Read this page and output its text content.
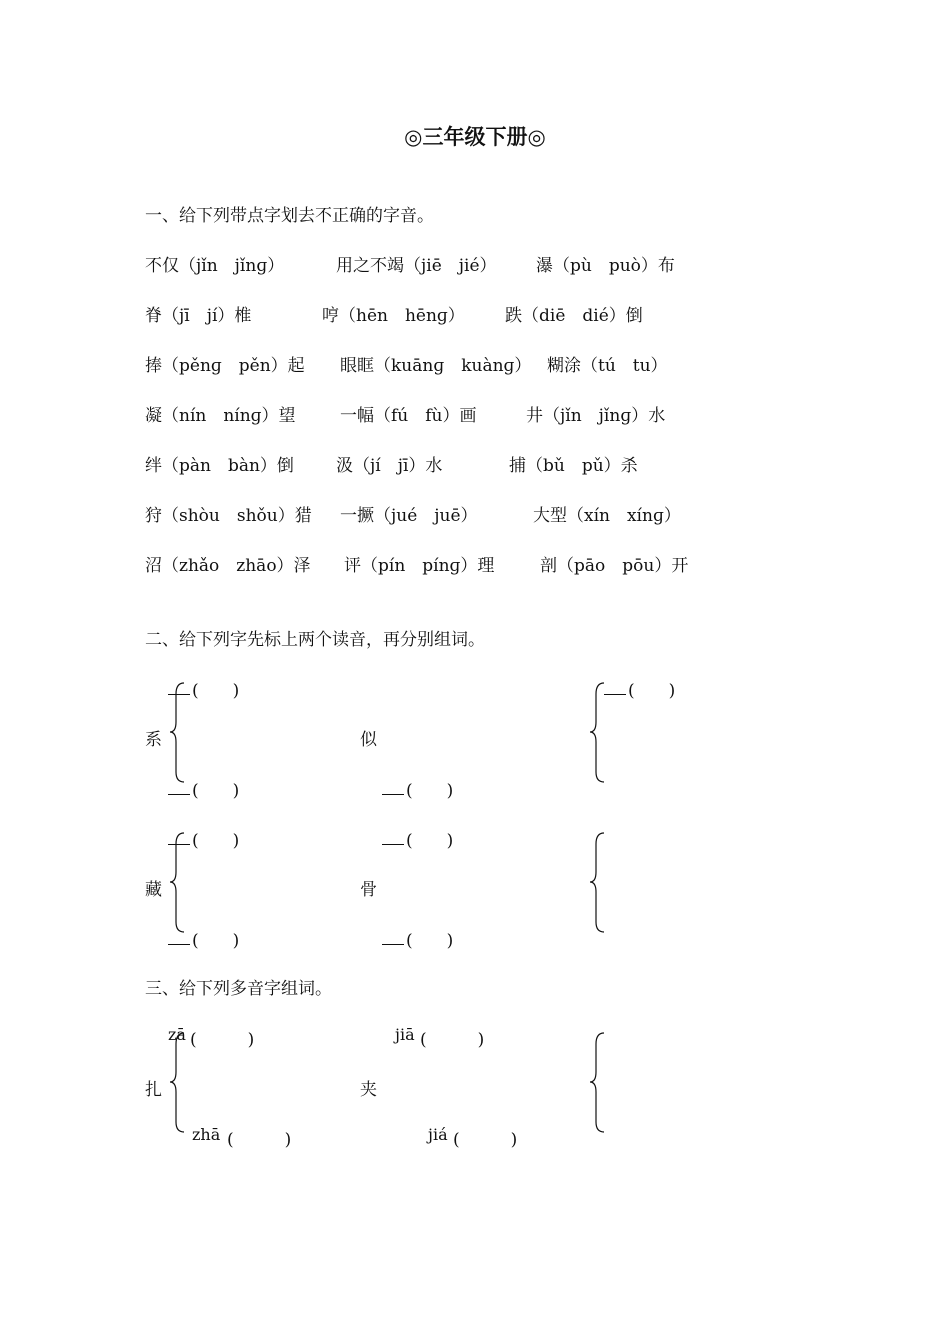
◎三年级下册◎
一、给下列带点字划去不正确的字音。
不仅（jǐn　jǐnɡ）	用之不竭（jiē　jié） 瀑（pù　può）布
脊（jī　jí）椎	哼（hēn　hēnɡ） 跌（diē　dié）倒
捧（pěnɡ　pěn）起 眼眶（kuānɡ　kuànɡ） 糊涂（tú　tu）
凝（nín　nínɡ）望	一幅（fú　fù）画	井（jǐn　jǐnɡ）水
绊（pàn　bàn）倒 汲（jí　jī）水	捕（bǔ　pǔ）杀
狩（shòu　shǒu）猎 一撅（jué　juē）	大型（xín　xínɡ）
沼（zhǎo　zhāo）泽 评（pín　pínɡ）理	剖（pāo　pōu）开
二、给下列字先标上两个读音，再分别组词。
(　　)
系
(　　)
似
(　　)
(　　)
(　　)
藏
(　　)
(　　)
骨
(　　)
三、给下列多音字组词。
zā (　　　)
扎
zhā (　　　)
jiā (　　　)
夹
jiá (　　　)
